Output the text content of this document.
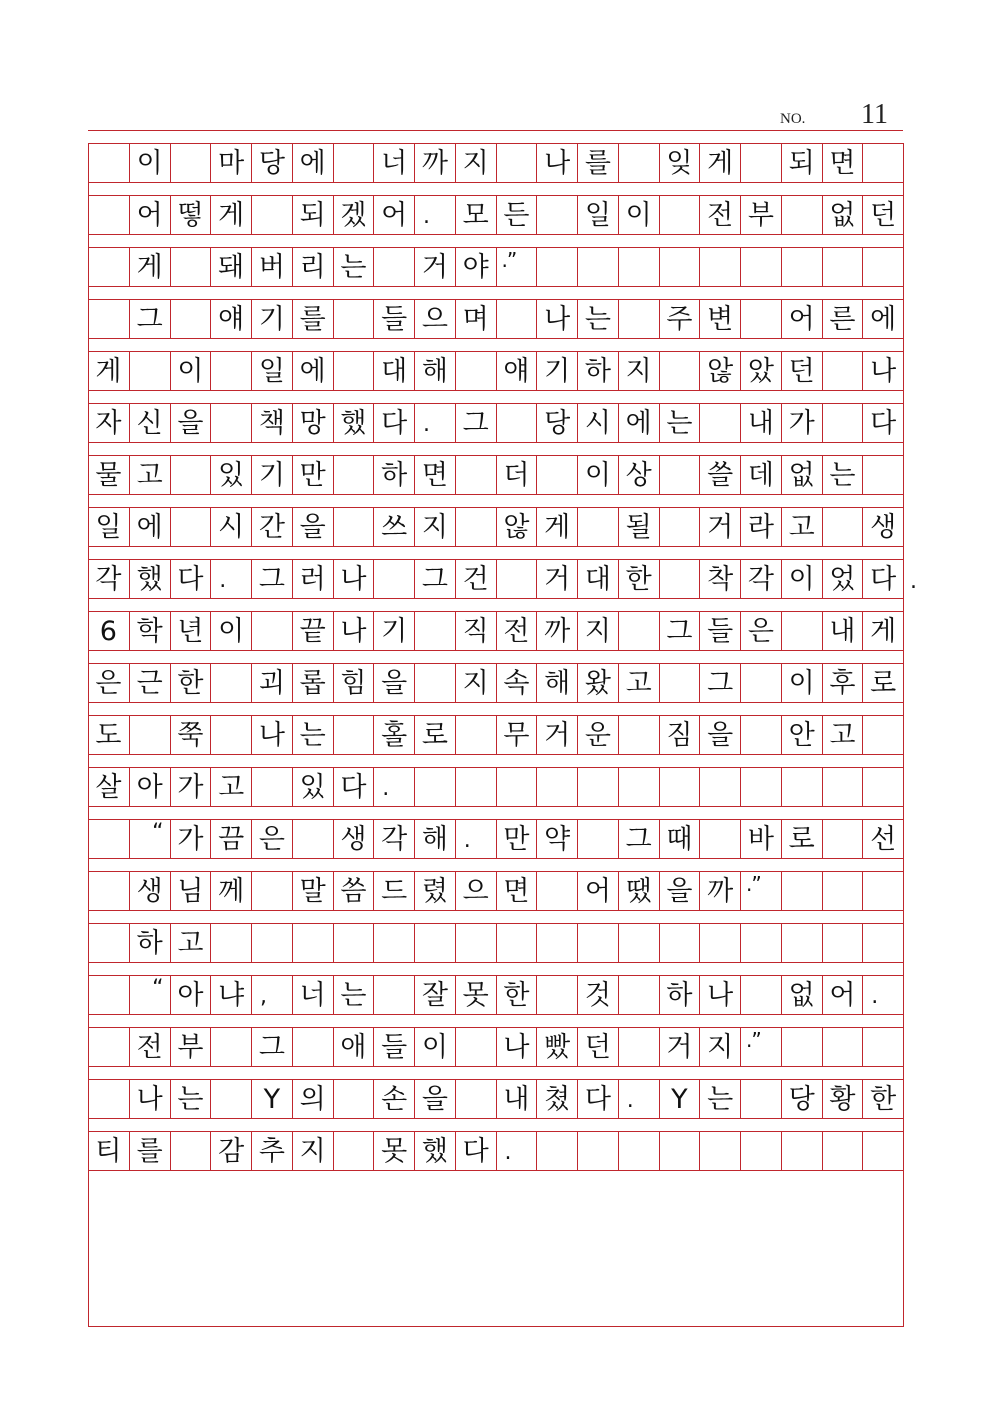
NO. 11
이 마 당 에 너 까 지 나 를 잊 게 되 면
어 떻 게 되 겠 어 .	모 든 일 이 전 부 없 던
게 돼 버 리 는 거 야 .”
그 얘 기 를 들 으 며 나 는 주 변 어 른 에
게 이 일 에 대 해 얘 기 하 지 않 았 던 나
자 신 을 책 망 했 다 .	그 당 시 에 는 내 가 다
물 고 있 기 만 하 면 더 이 상 쓸 데 없 는
일 에 시 간 을 쓰 지 않 게 될 거 라 고 생
각 했 다 .	그 러 나 그 건 거 대 한 착 각 이 었 다 .
6 학 년 이 끝 나 기 직 전 까 지 그 들 은 내 게
은 근 한 괴 롭 힘 을 지 속 해 왔 고 그 이 후 로
도 쭉 나 는 홀 로 무 거 운 짐 을 안 고
살 아 가 고 있 다 .
“ 가 끔 은 생 각 해 .	만 약 그 때 바 로 선
생 님 께 말 씀 드 렸 으 면 어 땠 을 까 .”
하 고
“ 아 냐 ,	너 는 잘 못 한 것 하 나 없 어 .
전 부 그 애 들 이 나 빴 던 거 지 .”
나 는	Y 의 손 을 내 쳤 다 .	Y 는 당 황 한
티 를 감 추 지 못 했 다 .
